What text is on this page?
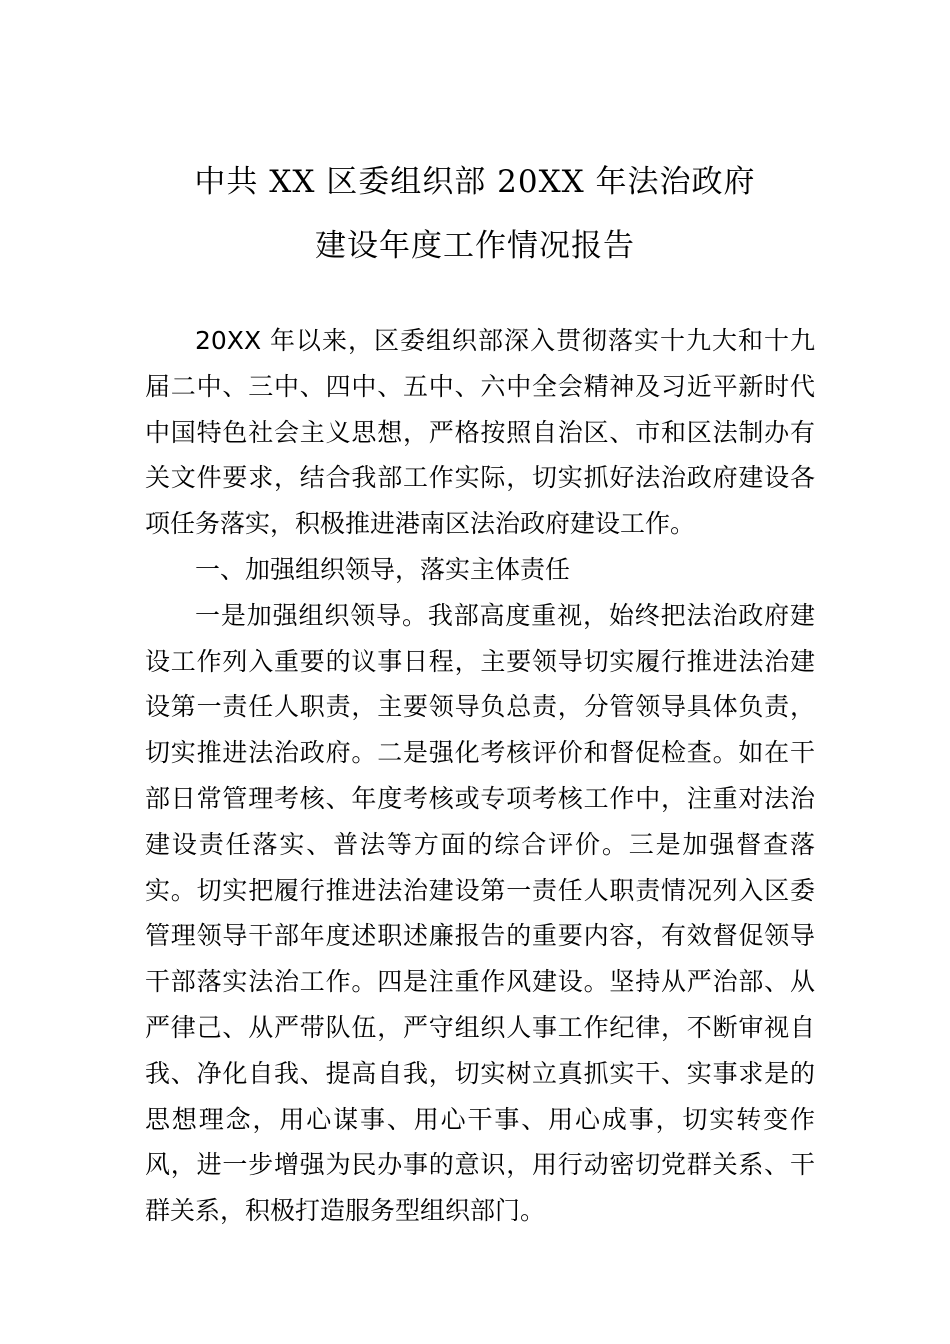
中共 XX 区委组织部 20XX 年法治政府
建设年度工作情况报告

20XX 年以来，区委组织部深入贯彻落实十九大和十九届二中、三中、四中、五中、六中全会精神及习近平新时代中国特色社会主义思想，严格按照自治区、市和区法制办有关文件要求，结合我部工作实际，切实抓好法治政府建设各项任务落实，积极推进港南区法治政府建设工作。

一、加强组织领导，落实主体责任

一是加强组织领导。我部高度重视，始终把法治政府建设工作列入重要的议事日程，主要领导切实履行推进法治建设第一责任人职责，主要领导负总责，分管领导具体负责，切实推进法治政府。二是强化考核评价和督促检查。如在干部日常管理考核、年度考核或专项考核工作中，注重对法治建设责任落实、普法等方面的综合评价。三是加强督查落实。切实把履行推进法治建设第一责任人职责情况列入区委管理领导干部年度述职述廉报告的重要内容，有效督促领导干部落实法治工作。四是注重作风建设。坚持从严治部、从严律己、从严带队伍，严守组织人事工作纪律，不断审视自我、净化自我、提高自我，切实树立真抓实干、实事求是的思想理念，用心谋事、用心干事、用心成事，切实转变作风，进一步增强为民办事的意识，用行动密切党群关系、干群关系，积极打造服务型组织部门。
